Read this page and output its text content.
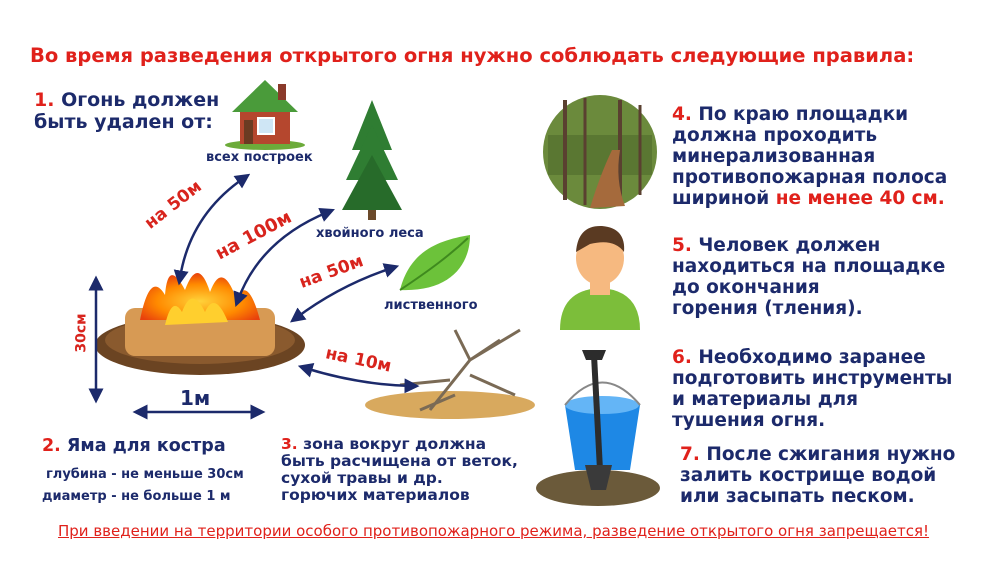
Во время разведения открытого огня нужно соблюдать следующие правила:
1. Огонь должен
быть удален от:
всех построек
хвойного леса
лиственного
на 50м
на 100м
на 50м
на 10м
30см
1м
2. Яма для костра
глубина - не меньше 30см
диаметр - не больше 1 м
3. зона вокруг должна
быть расчищена от веток,
сухой травы и др.
горючих материалов
4. По краю площадки
должна проходить
минерализованная
противопожарная полоса
шириной не менее 40 см.
5. Человек должен
находиться на площадке
до окончания
горения (тления).
6. Необходимо заранее
подготовить инструменты
и материалы для
тушения огня.
7. После сжигания нужно
залить кострище водой
или засыпать песком.
При введении на территории особого противопожарного режима, разведение открытого огня запрещается!
